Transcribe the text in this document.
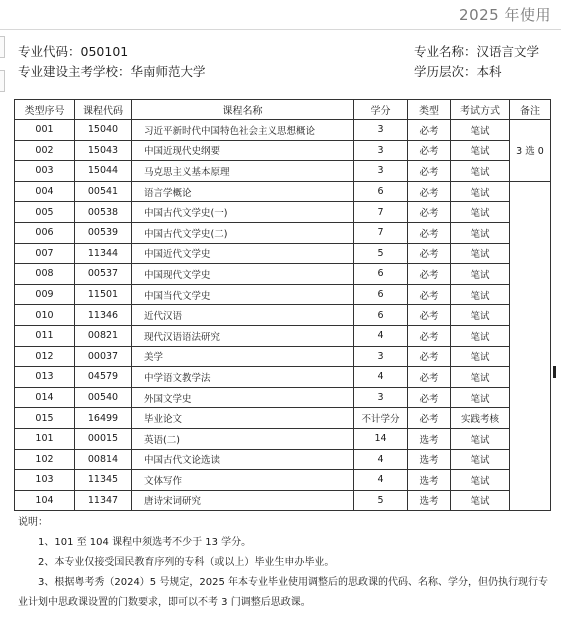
2025 年使用
专业代码：050101	专业名称：汉语言文学
专业建设主考学校：华南师范大学	学历层次：本科
类型序号	课程代码	课程名称	学分	类型	考试方式	备注
001	15040	习近平新时代中国特色社会主义思想概论	3	必考	笔试	3 选 0
002	15043	中国近现代史纲要	3	必考	笔试	
003	15044	马克思主义基本原理	3	必考	笔试	
004	00541	语言学概论	6	必考	笔试	
005	00538	中国古代文学史(一)	7	必考	笔试	
006	00539	中国古代文学史(二)	7	必考	笔试	
007	11344	中国近代文学史	5	必考	笔试	
008	00537	中国现代文学史	6	必考	笔试	
009	11501	中国当代文学史	6	必考	笔试	
010	11346	近代汉语	6	必考	笔试	
011	00821	现代汉语语法研究	4	必考	笔试	
012	00037	美学	3	必考	笔试	
013	04579	中学语文教学法	4	必考	笔试	
014	00540	外国文学史	3	必考	笔试	
015	16499	毕业论文	不计学分	必考	实践考核	
101	00015	英语(二)	14	选考	笔试	
102	00814	中国古代文论选读	4	选考	笔试	
103	11345	文体写作	4	选考	笔试	
104	11347	唐诗宋词研究	5	选考	笔试	
说明：
1、101 至 104 课程中须选考不少于 13 学分。
2、本专业仅接受国民教育序列的专科（或以上）毕业生申办毕业。
3、根据粤考秀（2024）5 号规定，2025 年本专业毕业使用调整后的思政课的代码、名称、学分，但仍执行现行专业计划中思政课设置的门数要求，即可以不考 3 门调整后思政课。
